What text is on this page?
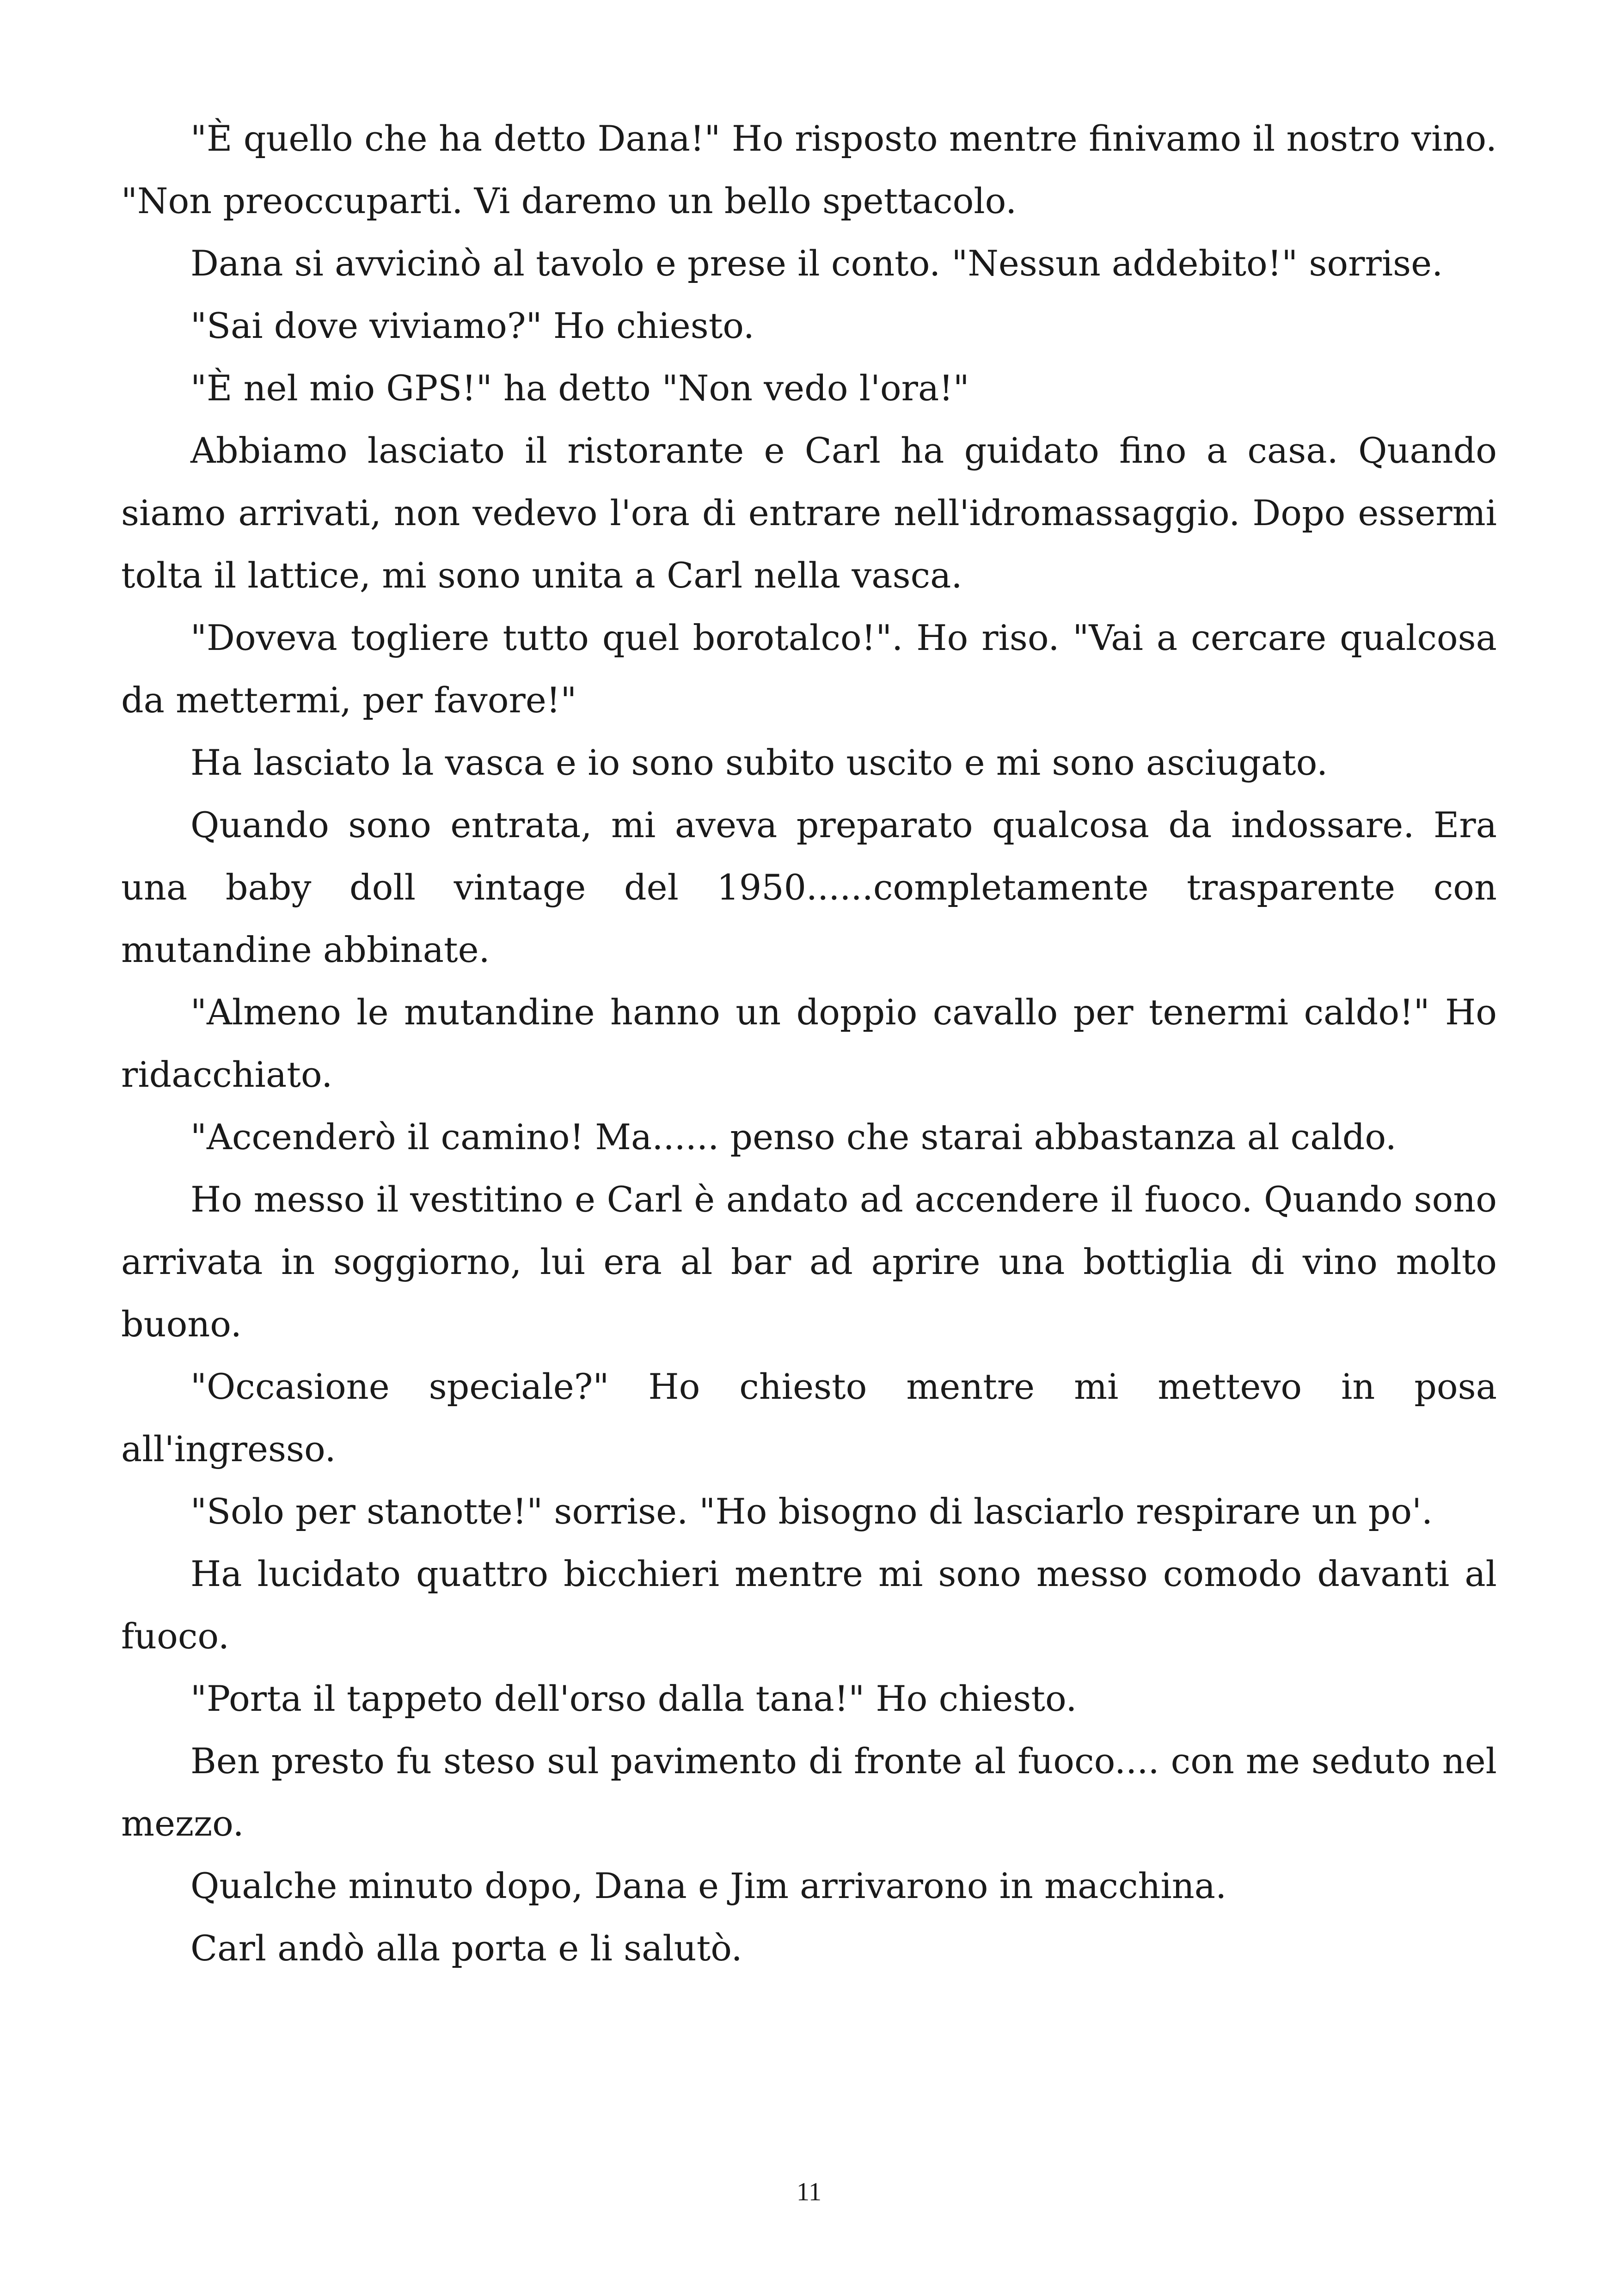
"È quello che ha detto Dana!" Ho risposto mentre finivamo il nostro vino. "Non preoccuparti. Vi daremo un bello spettacolo.

Dana si avvicinò al tavolo e prese il conto. "Nessun addebito!" sorrise.

"Sai dove viviamo?" Ho chiesto.

"È nel mio GPS!" ha detto "Non vedo l'ora!"

Abbiamo lasciato il ristorante e Carl ha guidato fino a casa. Quando siamo arrivati, non vedevo l'ora di entrare nell'idromassaggio. Dopo essermi tolta il lattice, mi sono unita a Carl nella vasca.

"Doveva togliere tutto quel borotalco!". Ho riso. "Vai a cercare qualcosa da mettermi, per favore!"

Ha lasciato la vasca e io sono subito uscito e mi sono asciugato.

Quando sono entrata, mi aveva preparato qualcosa da indossare. Era una baby doll vintage del 1950......completamente trasparente con mutandine abbinate.

"Almeno le mutandine hanno un doppio cavallo per tenermi caldo!" Ho ridacchiato.

"Accenderò il camino! Ma...... penso che starai abbastanza al caldo.

Ho messo il vestitino e Carl è andato ad accendere il fuoco. Quando sono arrivata in soggiorno, lui era al bar ad aprire una bottiglia di vino molto buono.

"Occasione speciale?" Ho chiesto mentre mi mettevo in posa all'ingresso.

"Solo per stanotte!" sorrise. "Ho bisogno di lasciarlo respirare un po'.

Ha lucidato quattro bicchieri mentre mi sono messo comodo davanti al fuoco.

"Porta il tappeto dell'orso dalla tana!" Ho chiesto.

Ben presto fu steso sul pavimento di fronte al fuoco.... con me seduto nel mezzo.

Qualche minuto dopo, Dana e Jim arrivarono in macchina.

Carl andò alla porta e li salutò.

11
